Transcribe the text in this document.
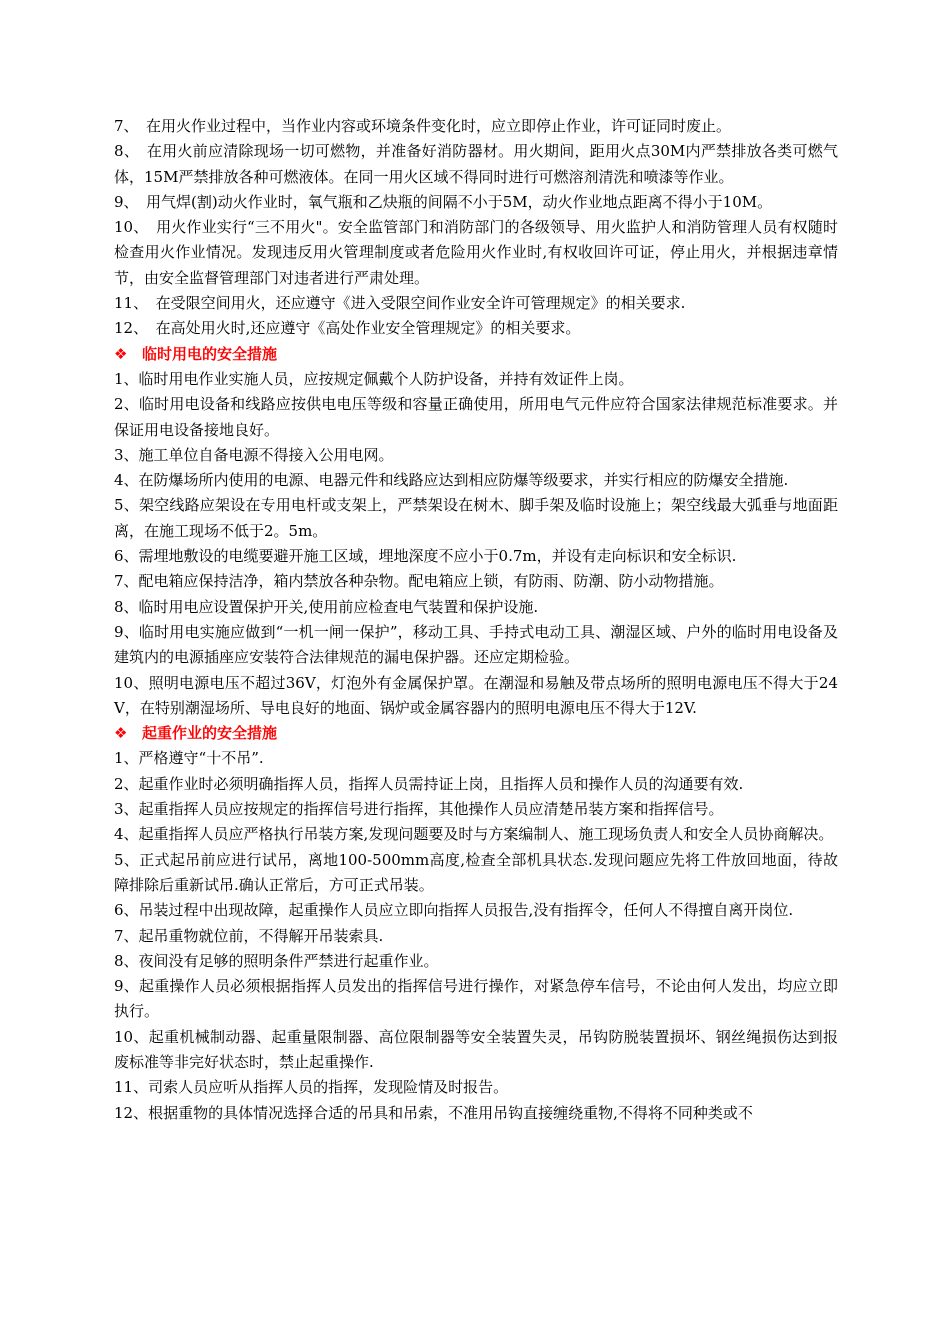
7、　在用火作业过程中，当作业内容或环境条件变化时，应立即停止作业，许可证同时废止。

8、　在用火前应清除现场一切可燃物，并准备好消防器材。用火期间，距用火点30M内严禁排放各类可燃气体，15M严禁排放各种可燃液体。在同一用火区域不得同时进行可燃溶剂清洗和喷漆等作业。

9、　用气焊(割)动火作业时，氧气瓶和乙炔瓶的间隔不小于5M，动火作业地点距离不得小于10M。

10、　用火作业实行“三不用火"。安全监管部门和消防部门的各级领导、用火监护人和消防管理人员有权随时检查用火作业情况。发现违反用火管理制度或者危险用火作业时,有权收回许可证，停止用火，并根据违章情节，由安全监督管理部门对违者进行严肃处理。

11、　在受限空间用火，还应遵守《进入受限空间作业安全许可管理规定》的相关要求.

12、　在高处用火时,还应遵守《高处作业安全管理规定》的相关要求。

❖ 临时用电的安全措施

1、临时用电作业实施人员，应按规定佩戴个人防护设备，并持有效证件上岗。

2、临时用电设备和线路应按供电电压等级和容量正确使用，所用电气元件应符合国家法律规范标准要求。并保证用电设备接地良好。

3、施工单位自备电源不得接入公用电网。

4、在防爆场所内使用的电源、电器元件和线路应达到相应防爆等级要求，并实行相应的防爆安全措施.

5、架空线路应架设在专用电杆或支架上，严禁架设在树木、脚手架及临时设施上；架空线最大弧垂与地面距离，在施工现场不低于2。5m。

6、需埋地敷设的电缆要避开施工区域，埋地深度不应小于0.7m，并设有走向标识和安全标识.

7、配电箱应保持洁净，箱内禁放各种杂物。配电箱应上锁，有防雨、防潮、防小动物措施。

8、临时用电应设置保护开关,使用前应检查电气装置和保护设施.

9、临时用电实施应做到“一机一闸一保护”，移动工具、手持式电动工具、潮湿区域、户外的临时用电设备及建筑内的电源插座应安装符合法律规范的漏电保护器。还应定期检验。

10、照明电源电压不超过36V，灯泡外有金属保护罩。在潮湿和易触及带点场所的照明电源电压不得大于24V，在特别潮湿场所、导电良好的地面、锅炉或金属容器内的照明电源电压不得大于12V.

❖ 起重作业的安全措施

1、严格遵守“十不吊”.

2、起重作业时必须明确指挥人员，指挥人员需持证上岗，且指挥人员和操作人员的沟通要有效.

3、起重指挥人员应按规定的指挥信号进行指挥，其他操作人员应清楚吊装方案和指挥信号。

4、起重指挥人员应严格执行吊装方案,发现问题要及时与方案编制人、施工现场负责人和安全人员协商解决。

5、正式起吊前应进行试吊，离地100-500mm高度,检查全部机具状态.发现问题应先将工件放回地面，待故障排除后重新试吊.确认正常后，方可正式吊装。

6、吊装过程中出现故障，起重操作人员应立即向指挥人员报告,没有指挥令，任何人不得擅自离开岗位.

7、起吊重物就位前，不得解开吊装索具.

8、夜间没有足够的照明条件严禁进行起重作业。

9、起重操作人员必须根据指挥人员发出的指挥信号进行操作，对紧急停车信号，不论由何人发出，均应立即执行。

10、起重机械制动器、起重量限制器、高位限制器等安全装置失灵，吊钩防脱装置损坏、钢丝绳损伤达到报废标准等非完好状态时，禁止起重操作.

11、司索人员应听从指挥人员的指挥，发现险情及时报告。

12、根据重物的具体情况选择合适的吊具和吊索，不准用吊钩直接缠绕重物,不得将不同种类或不
